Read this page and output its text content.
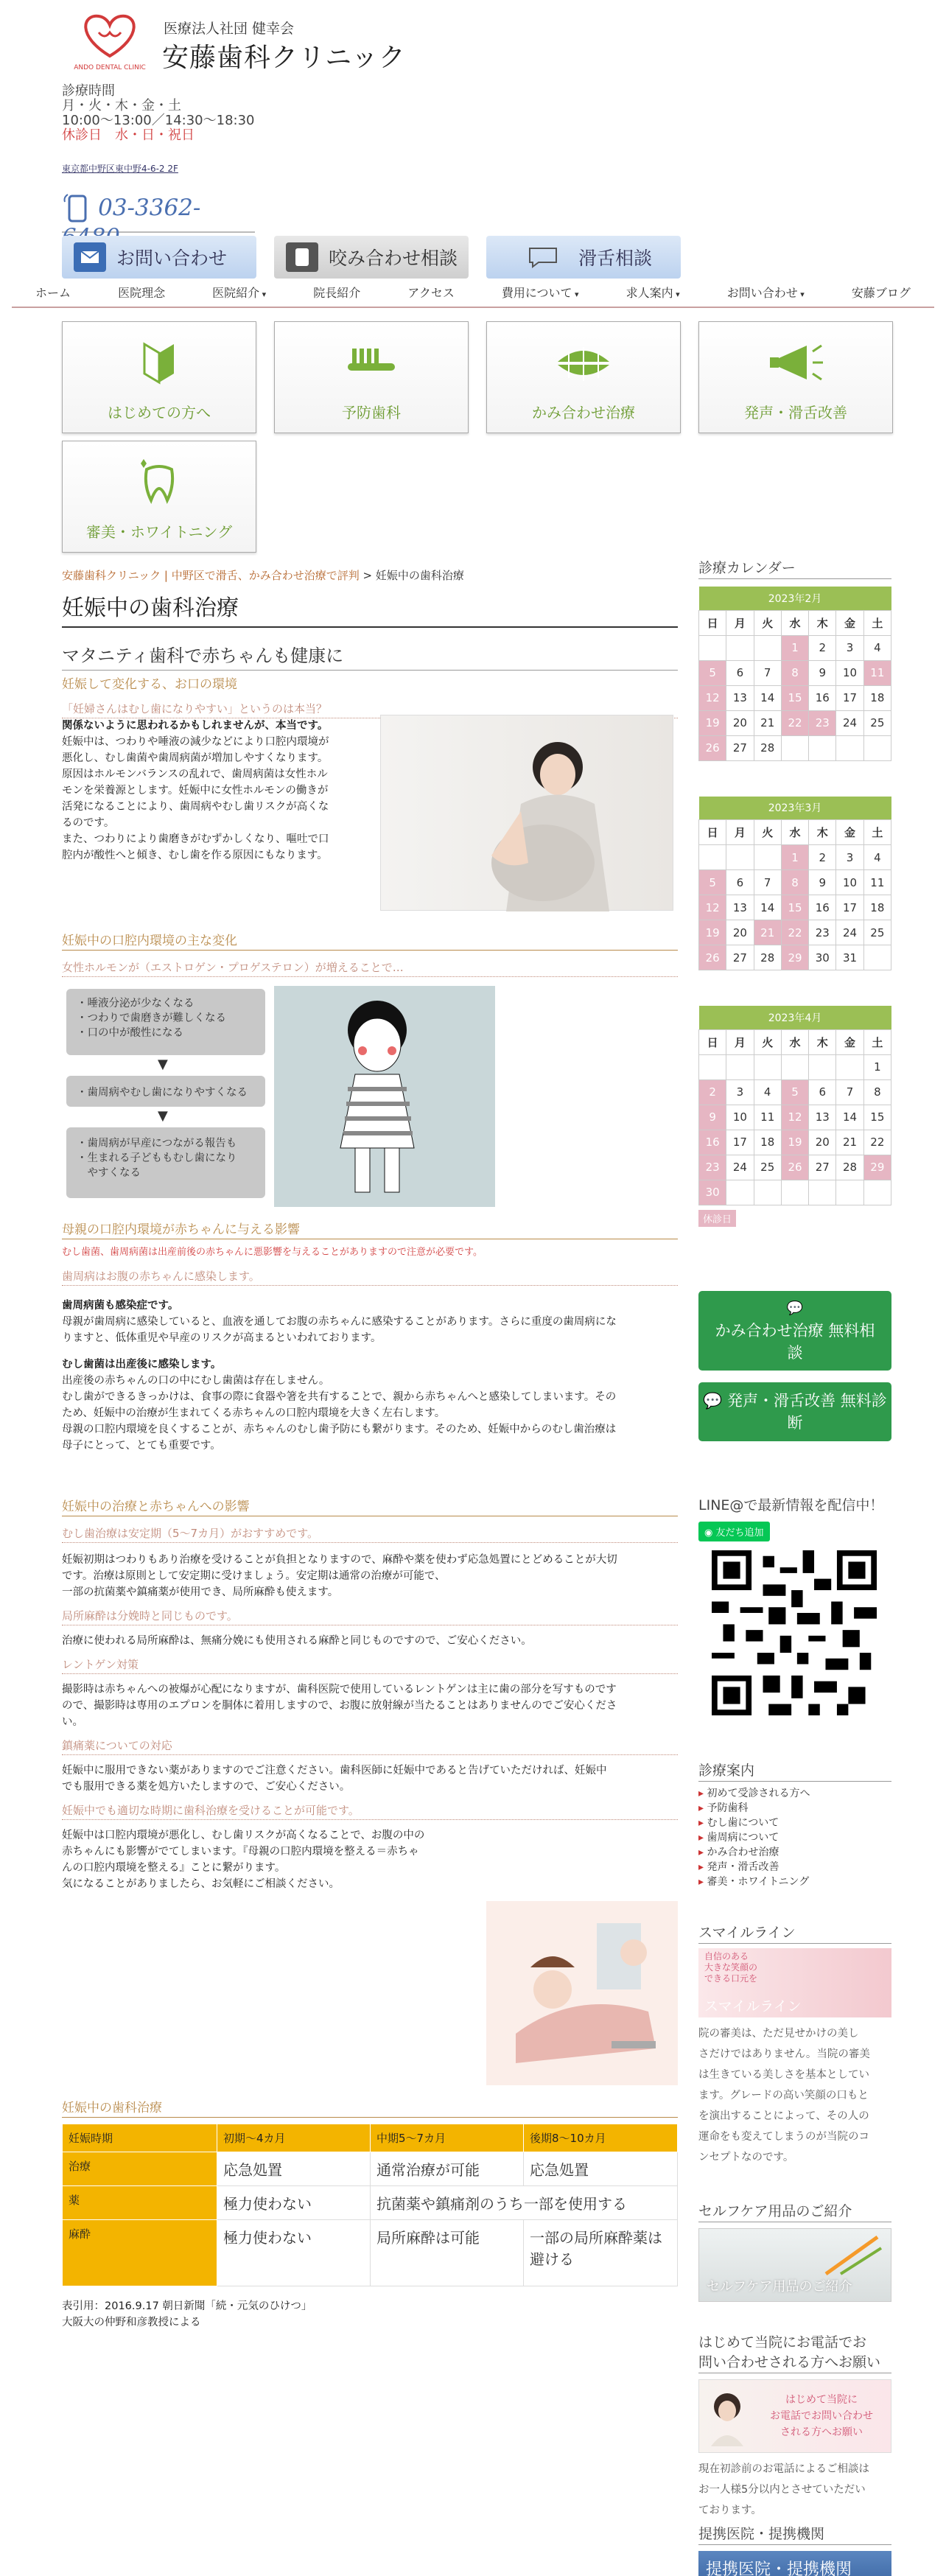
ANDO DENTAL CLINIC
医療法人社団 健幸会
安藤歯科クリニック
診療時間
月・火・木・金・土
10:00〜13:00／14:30〜18:30
休診日　水・日・祝日
東京都中野区東中野4-6-2 2F
03-3362-
お問い合わせ	咬み合わせ相談	滑舌相談
ホーム	医院理念	医院紹介 ▾	院長紹介	アクセス	費用について ▾	求人案内 ▾	お問い合わせ ▾	安藤ブログ
はじめての方へ	予防歯科	かみ合わせ治療	発声・滑舌改善
審美・ホワイトニング
安藤歯科クリニック | 中野区で滑舌、かみ合わせ治療で評判 > 妊娠中の歯科治療
妊娠中の歯科治療
マタニティ歯科で赤ちゃんも健康に
妊娠して変化する、お口の環境
「妊婦さんはむし歯になりやすい」というのは本当？
関係ないように思われるかもしれませんが、本当です。
妊娠中は、つわりや唾液の減少などにより口腔内環境が
悪化し、むし歯菌や歯周病菌が増加しやすくなります。
原因はホルモンバランスの乱れで、歯周病菌は女性ホル
モンを栄養源とします。妊娠中に女性ホルモンの働きが
活発になることにより、歯周病やむし歯リスクが高くな
るのです。
また、つわりにより歯磨きがむずかしくなり、嘔吐で口
腔内が酸性へと傾き、むし歯を作る原因にもなります。
妊娠中の口腔内環境の主な変化
女性ホルモンが（エストロゲン・プロゲステロン）が増えることで…
・唾液分泌が少なくなる
・つわりで歯磨きが難しくなる
・口の中が酸性になる
▼
・歯周病やむし歯になりやすくなる
▼
・歯周病が早産につながる報告も
・生まれる子どももむし歯になり
　やすくなる
母親の口腔内環境が赤ちゃんに与える影響
むし歯菌、歯周病菌は出産前後の赤ちゃんに悪影響を与えることがありますので注意が必要です。
歯周病はお腹の赤ちゃんに感染します。
歯周病菌も感染症です。
母親が歯周病に感染していると、血液を通してお腹の赤ちゃんに感染することがあります。さらに重度の歯周病にな
りますと、低体重児や早産のリスクが高まるといわれております。
むし歯菌は出産後に感染します。
出産後の赤ちゃんの口の中にむし歯菌は存在しません。
むし歯ができるきっかけは、食事の際に食器や箸を共有することで、親から赤ちゃんへと感染してしまいます。その
ため、妊娠中の治療が生まれてくる赤ちゃんの口腔内環境を大きく左右します。
母親の口腔内環境を良くすることが、赤ちゃんのむし歯予防にも繋がります。そのため、妊娠中からのむし歯治療は
母子にとって、とても重要です。
妊娠中の治療と赤ちゃんへの影響
むし歯治療は安定期（5〜7カ月）がおすすめです。
妊娠初期はつわりもあり治療を受けることが負担となりますので、麻酔や薬を使わず応急処置にとどめることが大切
です。治療は原則として安定期に受けましょう。安定期は通常の治療が可能で、
一部の抗菌薬や鎮痛薬が使用でき、局所麻酔も使えます。
局所麻酔は分娩時と同じものです。
治療に使われる局所麻酔は、無痛分娩にも使用される麻酔と同じものですので、ご安心ください。
レントゲン対策
撮影時は赤ちゃんへの被爆が心配になりますが、歯科医院で使用しているレントゲンは主に歯の部分を写すものです
ので、撮影時は専用のエプロンを胴体に着用しますので、お腹に放射線が当たることはありませんのでご安心くださ
い。
鎮痛薬についての対応
妊娠中に服用できない薬がありますのでご注意ください。歯科医師に妊娠中であると告げていただければ、妊娠中
でも服用できる薬を処方いたしますので、ご安心ください。
妊娠中でも適切な時期に歯科治療を受けることが可能です。
妊娠中は口腔内環境が悪化し、むし歯リスクが高くなることで、お腹の中の
赤ちゃんにも影響がでてしまいます。『母親の口腔内環境を整える＝赤ちゃ
んの口腔内環境を整える』ことに繋がります。
気になることがありましたら、お気軽にご相談ください。
妊娠中の歯科治療
妊娠時期	初期〜4カ月	中期5〜7カ月	後期8〜10カ月
治療	応急処置	通常治療が可能	応急処置
薬	極力使わない	抗菌薬や鎮痛剤のうち一部を使用する	
麻酔	極力使わない	局所麻酔は可能	一部の局所麻酔薬は避ける
表引用：2016.9.17 朝日新聞「続・元気のひけつ」
大阪大の仲野和彦教授による
診療カレンダー
2023年2月						
日	月	火	水	木	金	土
			1	2	3	4
5	6	7	8	9	10	11
12	13	14	15	16	17	18
19	20	21	22	23	24	25
26	27	28				
2023年3月						
日	月	火	水	木	金	土
			1	2	3	4
5	6	7	8	9	10	11
12	13	14	15	16	17	18
19	20	21	22	23	24	25
26	27	28	29	30	31	
2023年4月						
日	月	火	水	木	金	土
						1
2	3	4	5	6	7	8
9	10	11	12	13	14	15
16	17	18	19	20	21	22
23	24	25	26	27	28	29
30						
休診日
💬
かみ合わせ治療 無料相
談
💬 発声・滑舌改善 無料診
断
LINE@で最新情報を配信中！
◉ 友だち追加
診療案内
▸ 初めて受診される方へ
▸ 予防歯科
▸ むし歯について
▸ 歯周病について
▸ かみ合わせ治療
▸ 発声・滑舌改善
▸ 審美・ホワイトニング
スマイルライン
自信のある
大きな笑顔の
できる口元を
スマイルライン
院の審美は、ただ見せかけの美し
さだけではありません。当院の審美
は生きている美しさを基本としてい
ます。グレードの高い笑顔の口もと
を演出することによって、その人の
運命をも変えてしまうのが当院のコ
ンセプトなのです。
セルフケア用品のご紹介
セルフケア用品のご紹介
はじめて当院にお電話でお
問い合わせされる方へお願い
はじめて当院に
お電話でお問い合わせ
される方へお願い
現在初診前のお電話によるご相談は
お一人様5分以内とさせていただい
ております。
提携医院・提携機関
提携医院・提携機関
